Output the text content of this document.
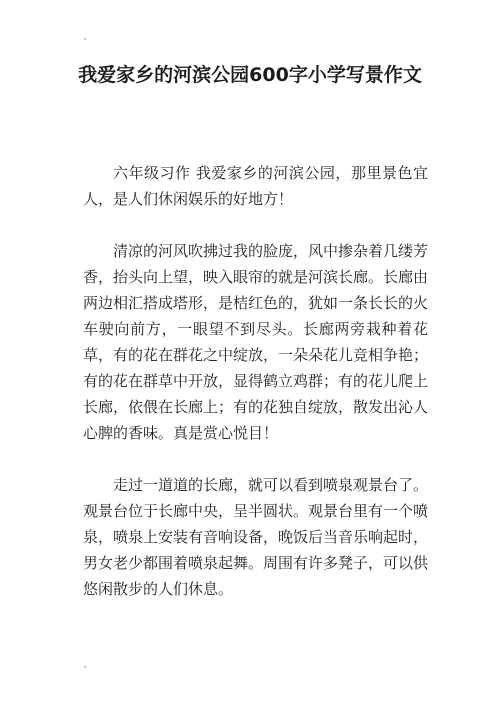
我爱家乡的河滨公园600字小学写景作文

六年级习作 我爱家乡的河滨公园，那里景色宜人，是人们休闲娱乐的好地方！

清凉的河风吹拂过我的脸庞，风中掺杂着几缕芳香，抬头向上望，映入眼帘的就是河滨长廊。长廊由两边相汇搭成塔形，是桔红色的，犹如一条长长的火车驶向前方，一眼望不到尽头。长廊两旁栽种着花草，有的花在群花之中绽放，一朵朵花儿竞相争艳；有的花在群草中开放，显得鹤立鸡群；有的花儿爬上长廊，依偎在长廊上；有的花独自绽放，散发出沁人心脾的香味。真是赏心悦目！

走过一道道的长廊，就可以看到喷泉观景台了。观景台位于长廊中央，呈半圆状。观景台里有一个喷泉，喷泉上安装有音响设备，晚饭后当音乐响起时，男女老少都围着喷泉起舞。周围有许多凳子，可以供悠闲散步的人们休息。
